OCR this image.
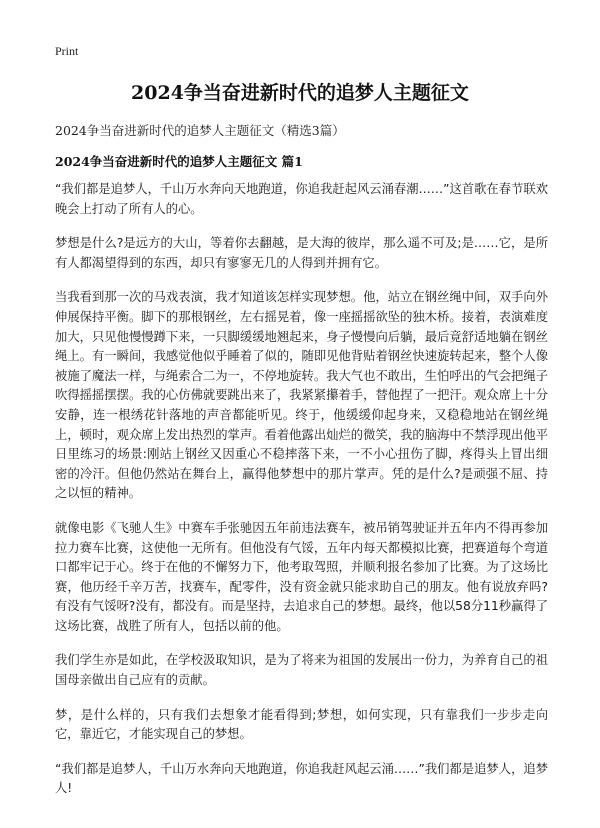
Print
2024争当奋进新时代的追梦人主题征文
2024争当奋进新时代的追梦人主题征文（精选3篇）
2024争当奋进新时代的追梦人主题征文 篇1

“我们都是追梦人，千山万水奔向天地跑道，你追我赶起风云涌春潮……”这首歌在春节联欢晚会上打动了所有人的心。

梦想是什么?是远方的大山，等着你去翻越，是大海的彼岸，那么遥不可及;是……它，是所有人都渴望得到的东西，却只有寥寥无几的人得到并拥有它。

当我看到那一次的马戏表演，我才知道该怎样实现梦想。他，站立在钢丝绳中间，双手向外伸展保持平衡。脚下的那根钢丝，左右摇晃着，像一座摇摇欲坠的独木桥。接着，表演难度加大，只见他慢慢蹲下来，一只脚缓缓地翘起来，身子慢慢向后躺，最后竟舒适地躺在钢丝绳上。有一瞬间，我感觉他似乎睡着了似的，随即见他背贴着钢丝快速旋转起来，整个人像被施了魔法一样，与绳索合二为一，不停地旋转。我大气也不敢出，生怕呼出的气会把绳子吹得摇摇摆摆。我的心仿佛就要跳出来了，我紧紧攥着手，替他捏了一把汗。观众席上十分安静，连一根绣花针落地的声音都能听见。终于，他缓缓仰起身来，又稳稳地站在钢丝绳上，顿时，观众席上发出热烈的掌声。看着他露出灿烂的微笑，我的脑海中不禁浮现出他平日里练习的场景:刚站上钢丝又因重心不稳摔落下来，一不小心扭伤了脚，疼得头上冒出细密的冷汗。但他仍然站在舞台上，赢得他梦想中的那片掌声。凭的是什么?是顽强不屈、持之以恒的精神。

就像电影《飞驰人生》中赛车手张驰因五年前违法赛车，被吊销驾驶证并五年内不得再参加拉力赛车比赛，这使他一无所有。但他没有气馁，五年内每天都模拟比赛，把赛道每个弯道口都牢记于心。终于在他的不懈努力下，他考取驾照，并顺利报名参加了比赛。为了这场比赛，他历经千辛万苦，找赛车，配零件，没有资金就只能求助自己的朋友。他有说放弃吗?有没有气馁呀?没有，都没有。而是坚持，去追求自己的梦想。最终，他以58分11秒赢得了这场比赛，战胜了所有人，包括以前的他。

我们学生亦是如此，在学校汲取知识，是为了将来为祖国的发展出一份力，为养育自己的祖国母亲做出自己应有的贡献。

梦，是什么样的，只有我们去想象才能看得到;梦想，如何实现，只有靠我们一步步走向它，靠近它，才能实现自己的梦想。

“我们都是追梦人，千山万水奔向天地跑道，你追我赶风起云涌……”我们都是追梦人，追梦人!
